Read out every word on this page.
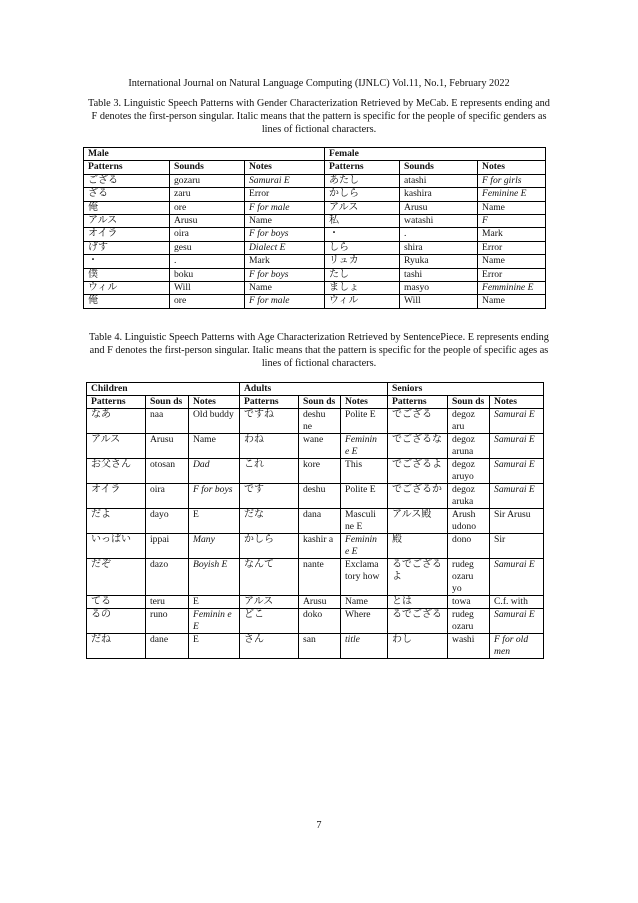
International Journal on Natural Language Computing (IJNLC) Vol.11, No.1, February 2022
Table 3. Linguistic Speech Patterns with Gender Characterization Retrieved by MeCab. E represents ending and F denotes the first-person singular. Italic means that the pattern is specific for the people of specific genders as lines of fictional characters.
Male			Female		
Patterns	Sounds	Notes	Patterns	Sounds	Notes
ござる	gozaru	Samurai E	あたし	atashi	F for girls
ざる	zaru	Error	かしら	kashira	Feminine E
俺	ore	F for male	アルス	Arusu	Name
アルス	Arusu	Name	私	watashi	F
オイラ	oira	F for boys	・	.	Mark
げす	gesu	Dialect E	しら	shira	Error
・	.	Mark	リュカ	Ryuka	Name
僕	boku	F for boys	たし	tashi	Error
ウィル	Will	Name	ましょ	masyo	Femminine E
俺	ore	F for male	ウィル	Will	Name
Table 4. Linguistic Speech Patterns with Age Characterization Retrieved by SentencePiece. E represents ending and F denotes the first-person singular. Italic means that the pattern is specific for the people of specific ages as lines of fictional characters.
Children			Adults			Seniors		
Patterns	Soun ds	Notes	Patterns	Soun ds	Notes	Patterns	Soun ds	Notes
なあ	naa	Old buddy	ですね	deshu ne	Polite E	でござる	degoz aru	Samurai E
アルス	Arusu	Name	わね	wane	Feminin e E	でござるな	degoz aruna	Samurai E
お父さん	otosan	Dad	これ	kore	This	でござるよ	degoz aruyo	Samurai E
オイラ	oira	F for boys	です	deshu	Polite E	でござるか	degoz aruka	Samurai E
だよ	dayo	E	だな	dana	Masculi ne E	アルス殿	Arush udono	Sir Arusu
いっぱい	ippai	Many	かしら	kashir a	Feminin e E	殿	dono	Sir
だぞ	dazo	Boyish E	なんて	nante	Exclama tory how	るでござるよ	rudeg ozaru yo	Samurai E
てる	teru	E	アルス	Arusu	Name	とは	towa	C.f. with
るの	runo	Feminin e E	どこ	doko	Where	るでござる	rudeg ozaru	Samurai E
だね	dane	E	さん	san	title	わし	washi	F for old men
7
